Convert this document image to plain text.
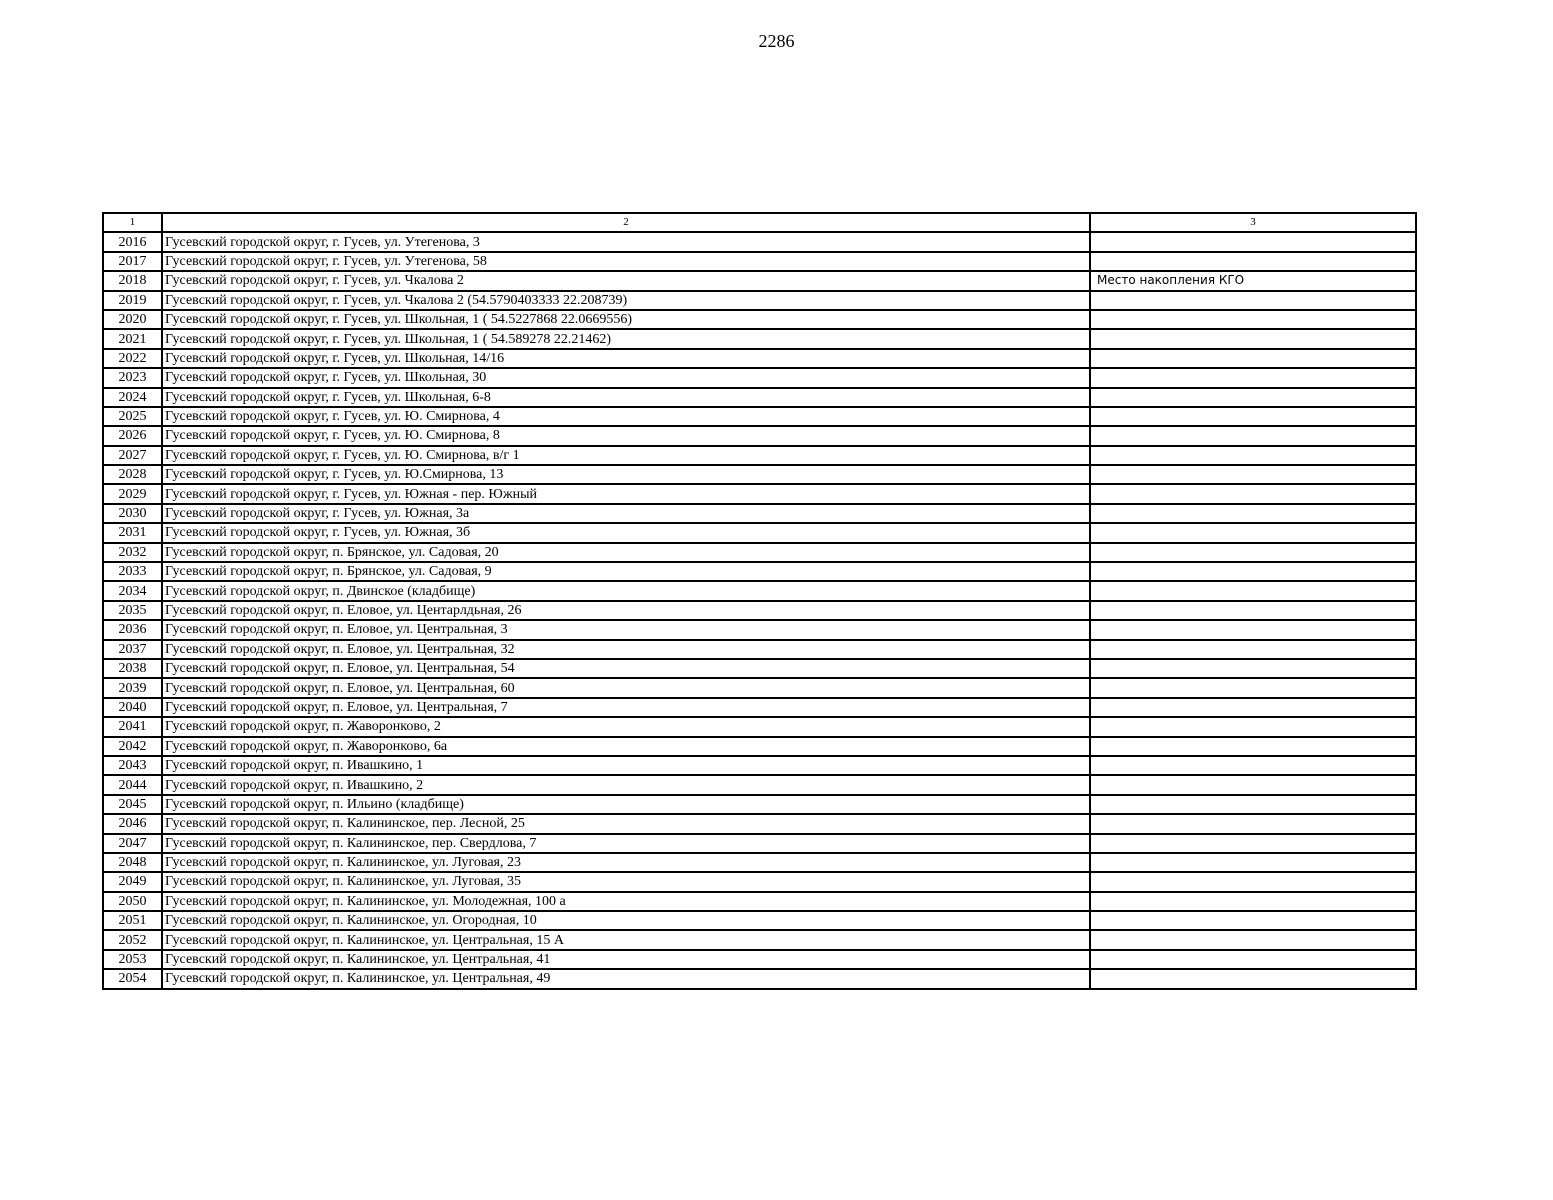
2286
1	2	3
2016	Гусевский городской округ, г. Гусев, ул. Утегенова, 3	
2017	Гусевский городской округ, г. Гусев, ул. Утегенова, 58	
2018	Гусевский городской округ, г. Гусев, ул. Чкалова 2	Место накопления КГО
2019	Гусевский городской округ, г. Гусев, ул. Чкалова 2 (54.5790403333 22.208739)	
2020	Гусевский городской округ, г. Гусев, ул. Школьная, 1 ( 54.5227868 22.0669556)	
2021	Гусевский городской округ, г. Гусев, ул. Школьная, 1 ( 54.589278 22.21462)	
2022	Гусевский городской округ, г. Гусев, ул. Школьная, 14/16	
2023	Гусевский городской округ, г. Гусев, ул. Школьная, 30	
2024	Гусевский городской округ, г. Гусев, ул. Школьная, 6-8	
2025	Гусевский городской округ, г. Гусев, ул. Ю. Смирнова, 4	
2026	Гусевский городской округ, г. Гусев, ул. Ю. Смирнова, 8	
2027	Гусевский городской округ, г. Гусев, ул. Ю. Смирнова, в/г 1	
2028	Гусевский городской округ, г. Гусев, ул. Ю.Смирнова, 13	
2029	Гусевский городской округ, г. Гусев, ул. Южная - пер. Южный	
2030	Гусевский городской округ, г. Гусев, ул. Южная, 3а	
2031	Гусевский городской округ, г. Гусев, ул. Южная, 3б	
2032	Гусевский городской округ, п. Брянское, ул. Садовая, 20	
2033	Гусевский городской округ, п. Брянское, ул. Садовая, 9	
2034	Гусевский городской округ, п. Двинское (кладбище)	
2035	Гусевский городской округ, п. Еловое, ул. Центарлдьная, 26	
2036	Гусевский городской округ, п. Еловое, ул. Центральная, 3	
2037	Гусевский городской округ, п. Еловое, ул. Центральная, 32	
2038	Гусевский городской округ, п. Еловое, ул. Центральная, 54	
2039	Гусевский городской округ, п. Еловое, ул. Центральная, 60	
2040	Гусевский городской округ, п. Еловое, ул. Центральная, 7	
2041	Гусевский городской округ, п. Жаворонково, 2	
2042	Гусевский городской округ, п. Жаворонково, 6а	
2043	Гусевский городской округ, п. Ивашкино, 1	
2044	Гусевский городской округ, п. Ивашкино, 2	
2045	Гусевский городской округ, п. Ильино (кладбище)	
2046	Гусевский городской округ, п. Калининское, пер. Лесной, 25	
2047	Гусевский городской округ, п. Калининское, пер. Свердлова, 7	
2048	Гусевский городской округ, п. Калининское, ул. Луговая, 23	
2049	Гусевский городской округ, п. Калининское, ул. Луговая, 35	
2050	Гусевский городской округ, п. Калининское, ул. Молодежная, 100 а	
2051	Гусевский городской округ, п. Калининское, ул. Огородная, 10	
2052	Гусевский городской округ, п. Калининское, ул. Центральная, 15 А	
2053	Гусевский городской округ, п. Калининское, ул. Центральная, 41	
2054	Гусевский городской округ, п. Калининское, ул. Центральная, 49	
